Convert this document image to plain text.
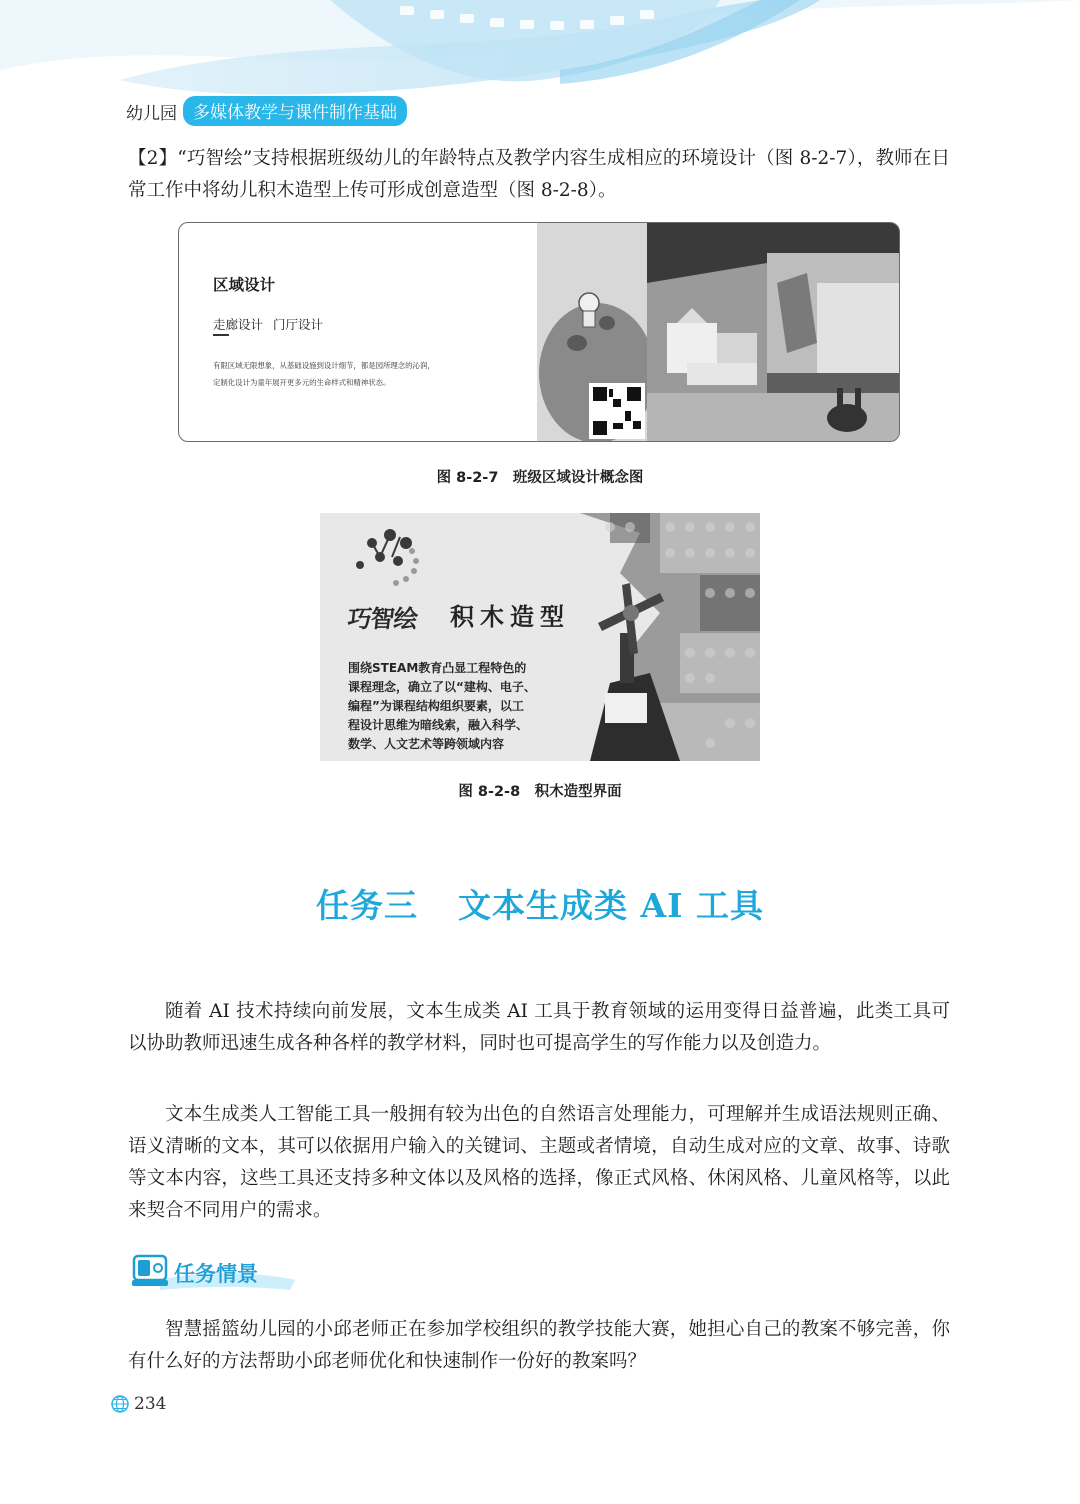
幼儿园 多媒体教学与课件制作基础

【2】“巧智绘”支持根据班级幼儿的年龄特点及教学内容生成相应的环境设计（图 8-2-7），教师在日常工作中将幼儿积木造型上传可形成创意造型（图 8-2-8）。

区域设计
走廊设计 门厅设计
有限区域无限想象，从基础设施到设计细节，都是园所理念的沁润，
定制化设计为童年展开更多元的生命样式和精神状态。
图 8-2-7　班级区域设计概念图
巧智绘 积木造型
围绕STEAM教育凸显工程特色的
课程理念，确立了以“建构、电子、
编程”为课程结构组织要素，以工
程设计思维为暗线索，融入科学、
数学、人文艺术等跨领域内容
图 8-2-8　积木造型界面
任务三 文本生成类 AI 工具

随着 AI 技术持续向前发展，文本生成类 AI 工具于教育领域的运用变得日益普遍，此类工具可以协助教师迅速生成各种各样的教学材料，同时也可提高学生的写作能力以及创造力。

文本生成类人工智能工具一般拥有较为出色的自然语言处理能力，可理解并生成语法规则正确、语义清晰的文本，其可以依据用户输入的关键词、主题或者情境，自动生成对应的文章、故事、诗歌等文本内容，这些工具还支持多种文体以及风格的选择，像正式风格、休闲风格、儿童风格等，以此来契合不同用户的需求。

任务情景

智慧摇篮幼儿园的小邱老师正在参加学校组织的教学技能大赛，她担心自己的教案不够完善，你有什么好的方法帮助小邱老师优化和快速制作一份好的教案吗？

234
